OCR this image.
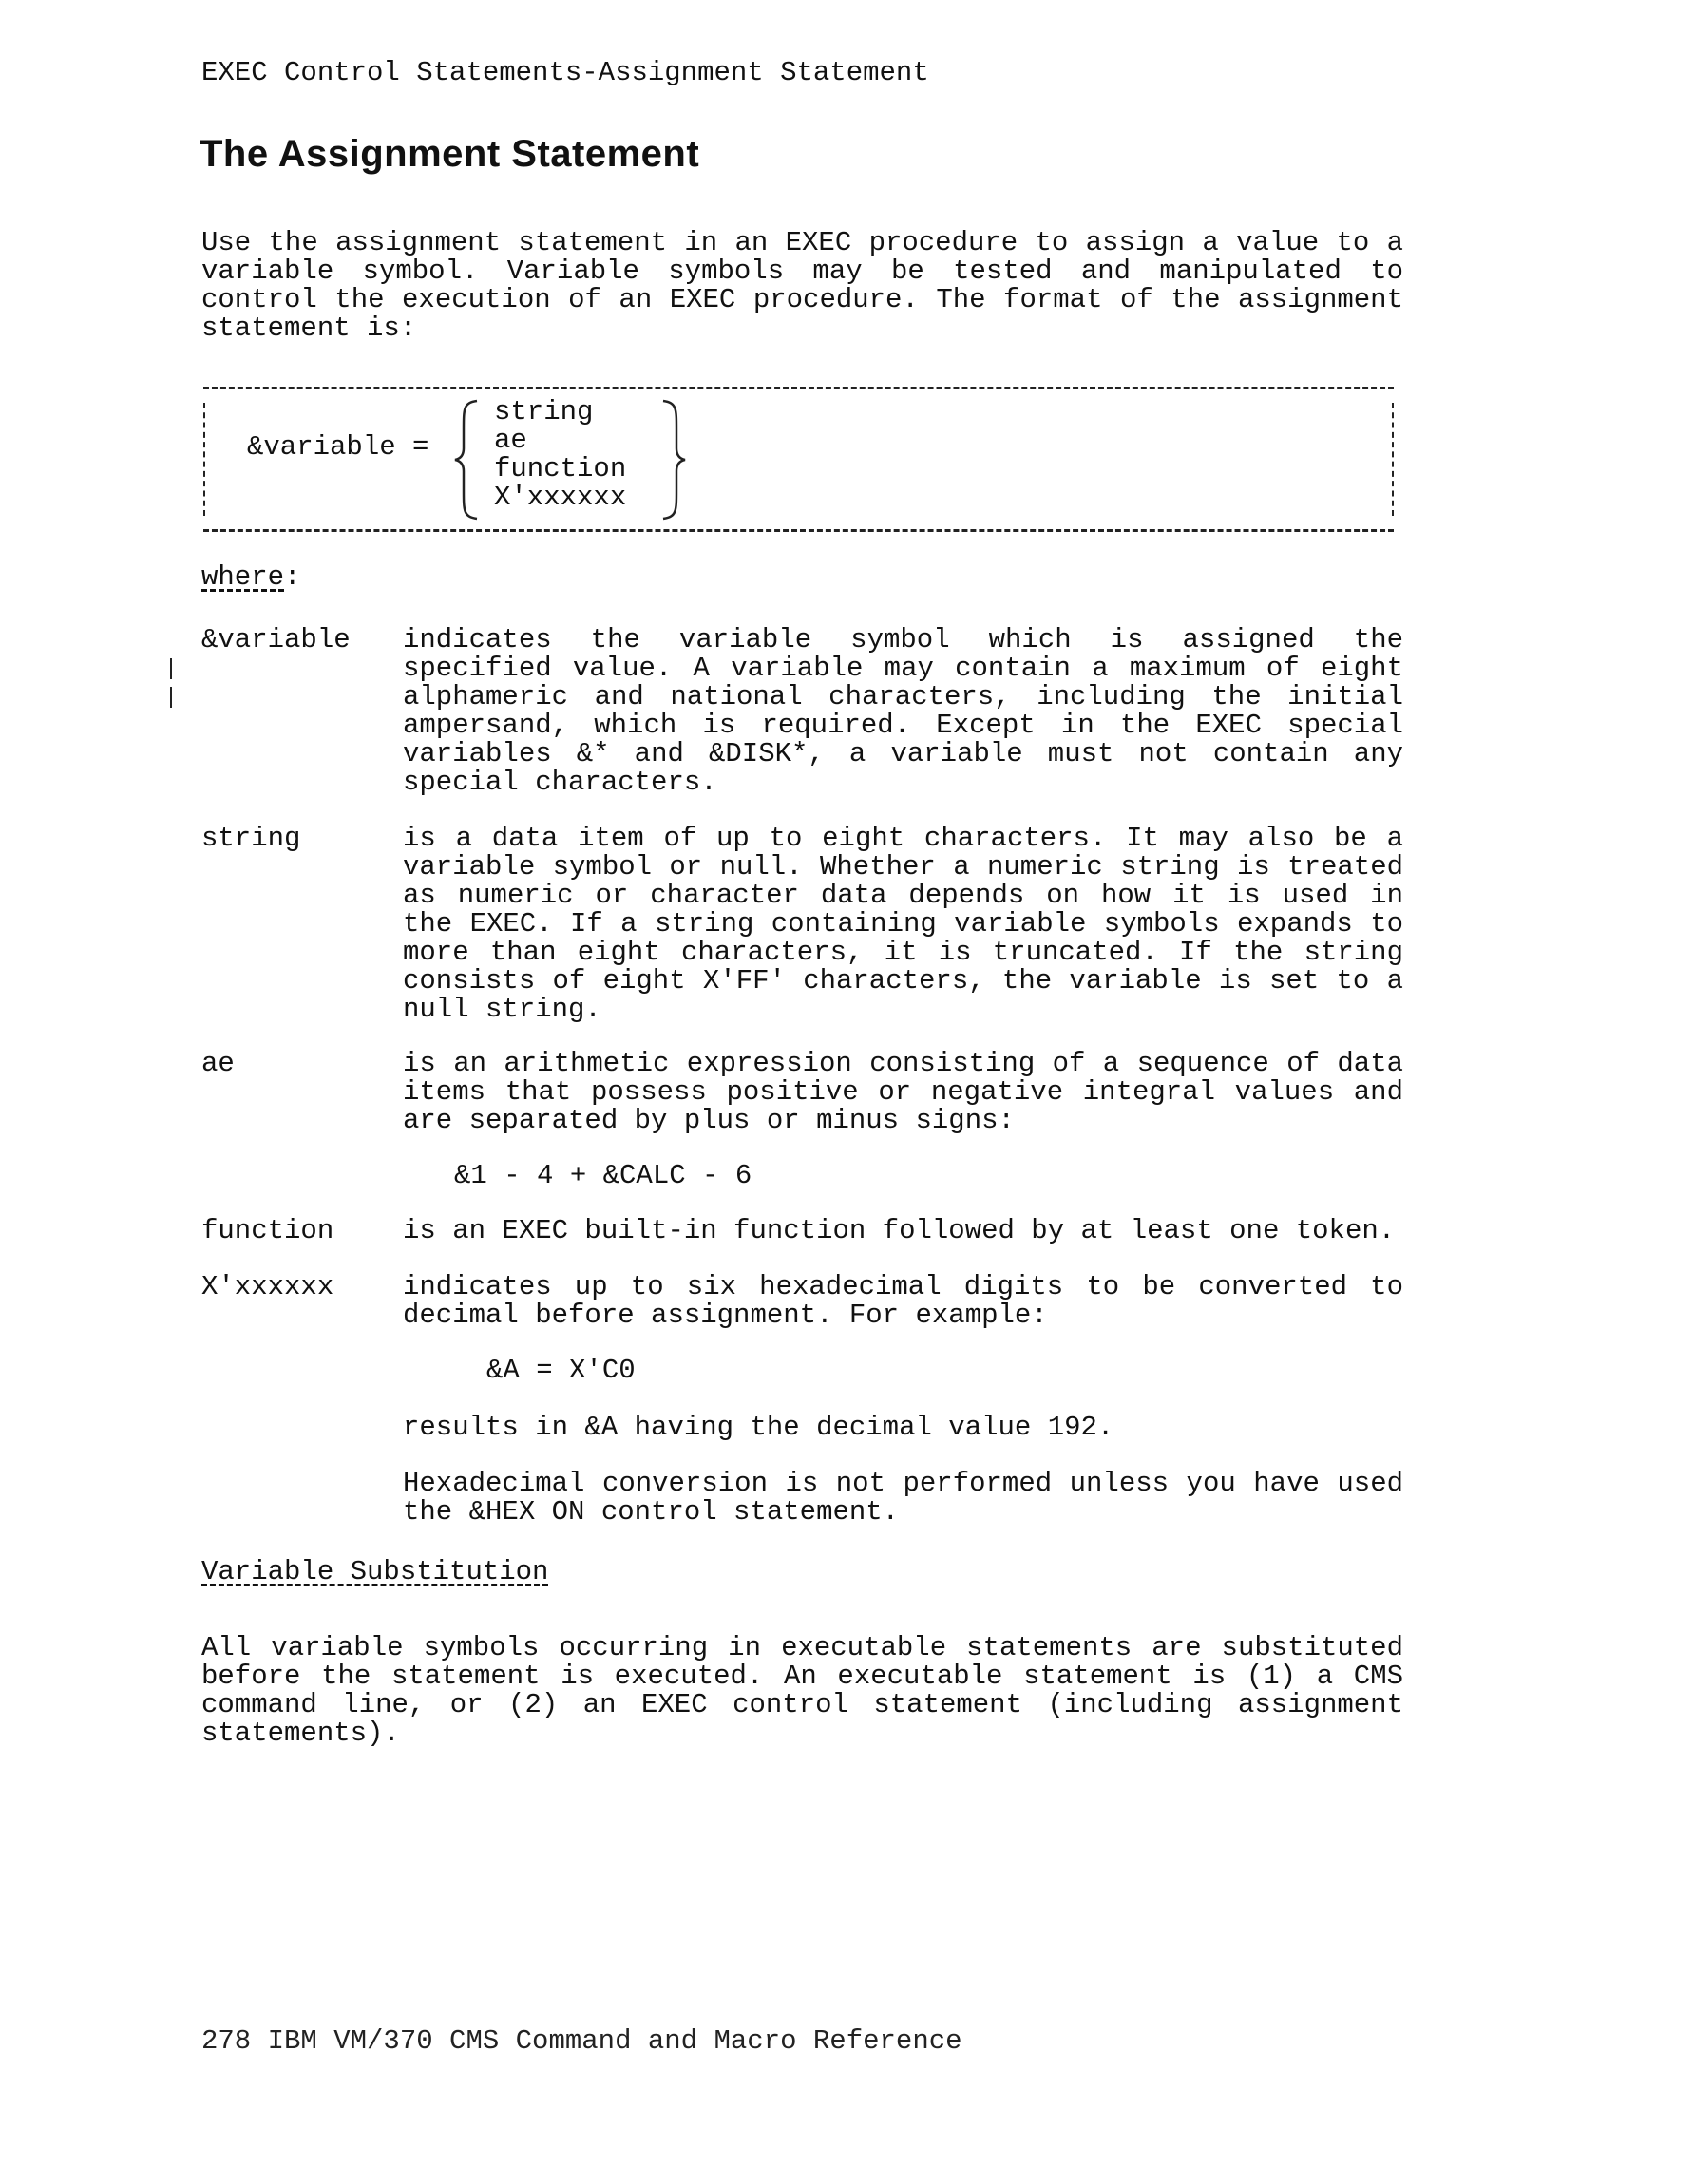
EXEC Control Statements-Assignment Statement
The Assignment Statement

Use the assignment statement in an EXEC procedure to assign a value to a variable symbol. Variable symbols may be tested and manipulated to control the execution of an EXEC procedure. The format of the assignment statement is:

&variable =
string
ae
function
X'xxxxxx
where:
&variable indicates the variable symbol which is assigned the specified value. A variable may contain a maximum of eight alphameric and national characters, including the initial ampersand, which is required. Except in the EXEC special variables &* and &DISK*, a variable must not contain any special characters.

string	is a data item of up to eight characters. It may also be a variable symbol or null. Whether a numeric string is treated as numeric or character data depends on how it is used in the EXEC. If a string containing variable symbols expands to more than eight characters, it is truncated. If the string consists of eight X'FF' characters, the variable is set to a null string.

ae	is an arithmetic expression consisting of a sequence of data items that possess positive or negative integral values and are separated by plus or minus signs:

&1 - 4 + &CALC - 6
function	is an EXEC built-in function followed by at least one token.

X'xxxxxx	indicates up to six hexadecimal digits to be converted to decimal before assignment. For example:

&A = X'C0

results in &A having the decimal value 192.

Hexadecimal conversion is not performed unless you have used the &HEX ON control statement.

Variable Substitution

All variable symbols occurring in executable statements are substituted before the statement is executed. An executable statement is (1) a CMS command line, or (2) an EXEC control statement (including assignment statements).

278 IBM VM/370 CMS Command and Macro Reference
